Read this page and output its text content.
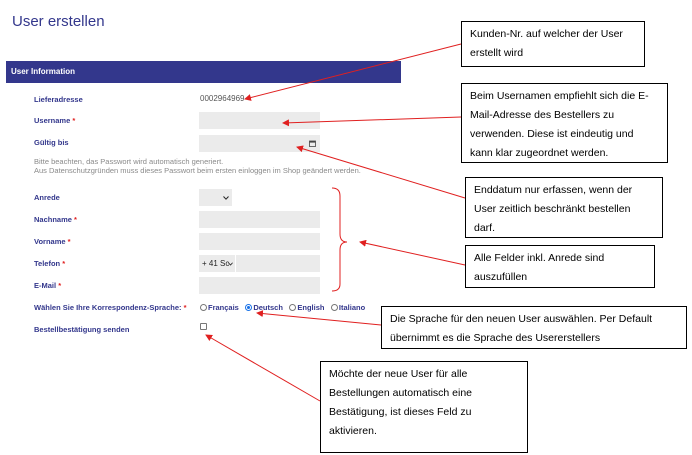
User erstellen
User Information
Lieferadresse	0002964969
Username *
Gültig bis
Bitte beachten, das Passwort wird automatisch generiert.
Aus Datenschutzgründen muss dieses Passwort beim ersten einloggen im Shop geändert werden.
Anrede
Nachname *
Vorname *
Telefon *	+ 41 Sc
E-Mail *
Wählen Sie Ihre Korrespondenz-Sprache: *	Français Deutsch English Italiano
Bestellbestätigung senden
Kunden-Nr. auf welcher der User erstellt wird
Beim Usernamen empfiehlt sich die E-Mail-Adresse des Bestellers zu verwenden. Diese ist eindeutig und kann klar zugeordnet werden.
Enddatum nur erfassen, wenn der User zeitlich beschränkt bestellen darf.
Alle Felder inkl. Anrede sind auszufüllen
Die Sprache für den neuen User auswählen. Per Default übernimmt es die Sprache des Usererstellers
Möchte der neue User für alle Bestellungen automatisch eine Bestätigung, ist dieses Feld zu aktivieren.
